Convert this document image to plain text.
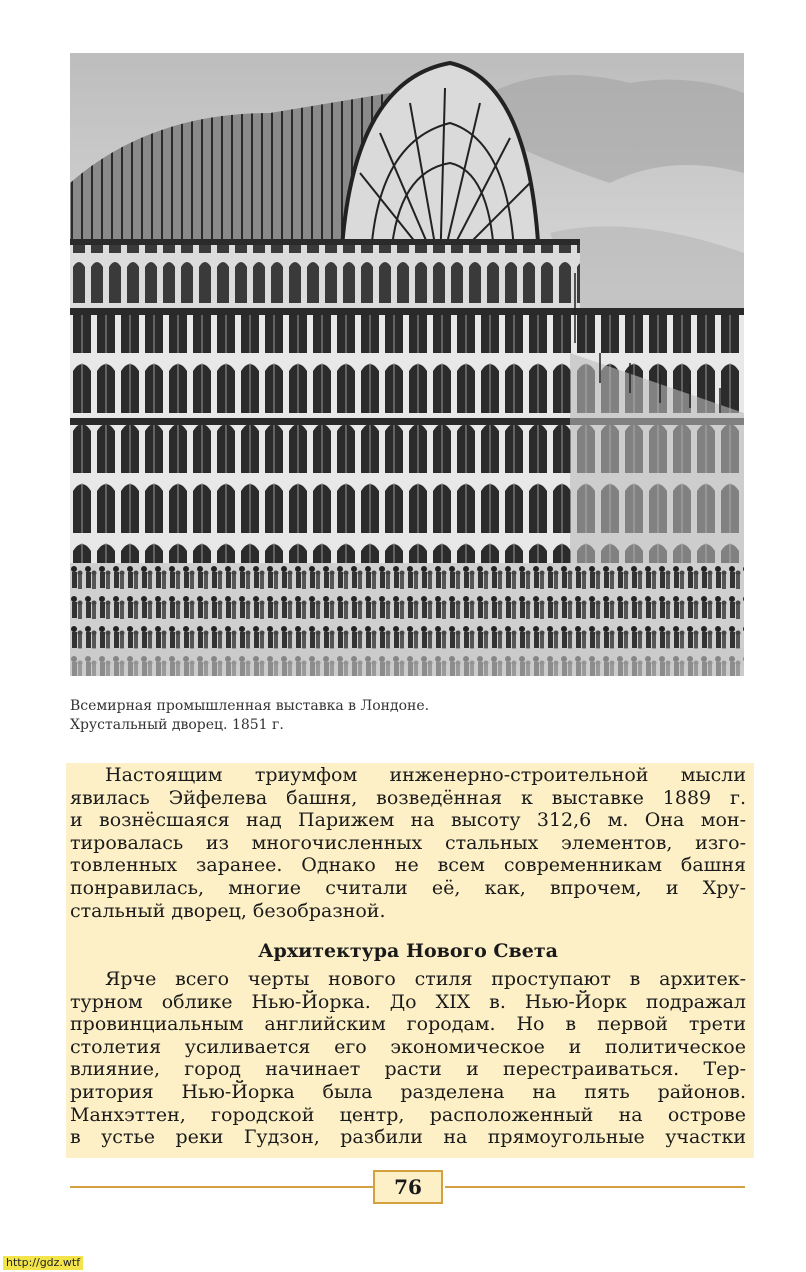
Всемирная промышленная выставка в Лондоне.
Хрустальный дворец. 1851 г.
Настоящим триумфом инженерно-строительной мысли
явилась Эйфелева башня, возведённая к выставке 1889 г.
и вознёсшаяся над Парижем на высоту 312,6 м. Она мон-
тировалась из многочисленных стальных элементов, изго-
товленных заранее. Однако не всем современникам башня
понравилась, многие считали её, как, впрочем, и Хру-
стальный дворец, безобразной.
Архитектура Нового Света
Ярче всего черты нового стиля проступают в архитек-
турном облике Нью-Йорка. До XIX в. Нью-Йорк подражал
провинциальным английским городам. Но в первой трети
столетия усиливается его экономическое и политическое
влияние, город начинает расти и перестраиваться. Тер-
ритория Нью-Йорка была разделена на пять районов.
Манхэттен, городской центр, расположенный на острове
в устье реки Гудзон, разбили на прямоугольные участки
76
http://gdz.wtf
